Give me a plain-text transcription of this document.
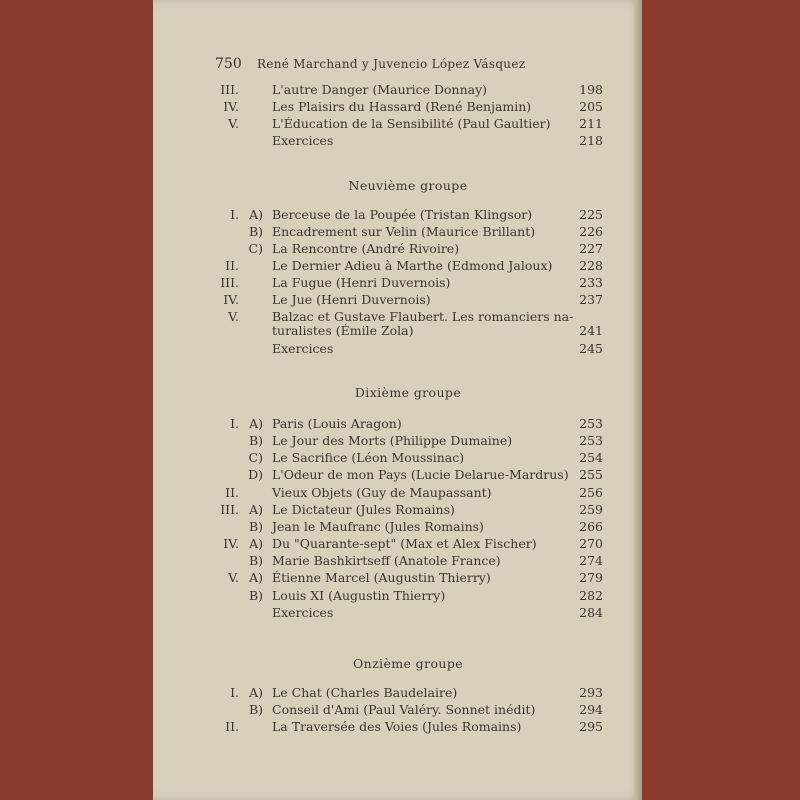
750 René Marchand y Juvencio López Vásquez
III.	L'autre Danger (Maurice Donnay)	198
IV.	Les Plaisirs du Hassard (René Benjamin)	205
V.	L'Éducation de la Sensibilité (Paul Gaultier)	211
Exercices	218
Neuvième groupe
I. A) Berceuse de la Poupée (Tristan Klingsor)	225
B) Encadrement sur Velin (Maurice Brillant)	226
C) La Rencontre (André Rivoire)	227
II.	Le Dernier Adieu à Marthe (Edmond Jaloux)	228
III.	La Fugue (Henri Duvernois)	233
IV.	Le Jue (Henri Duvernois)	237
V.	Balzac et Gustave Flaubert. Les romanciers na-
turalistes (Émile Zola)	241
Exercices	245
Dixième groupe
I. A) Paris (Louis Aragon)	253
B) Le Jour des Morts (Philippe Dumaine)	253
C) Le Sacrifice (Léon Moussinac)	254
D) L'Odeur de mon Pays (Lucie Delarue-Mardrus) 255
II.	Vieux Objets (Guy de Maupassant)	256
III. A) Le Dictateur (Jules Romains)	259
B) Jean le Maufranc (Jules Romains)	266
IV. A) Du "Quarante-sept" (Max et Alex Fischer)	270
B) Marie Bashkirtseff (Anatole France)	274
V. A) Étienne Marcel (Augustin Thierry)	279
B) Louis XI (Augustin Thierry)	282
Exercices	284
Onzième groupe
I. A) Le Chat (Charles Baudelaire)	293
B) Conseil d'Ami (Paul Valéry. Sonnet inédit)	294
II.	La Traversée des Voies (Jules Romains)	295
